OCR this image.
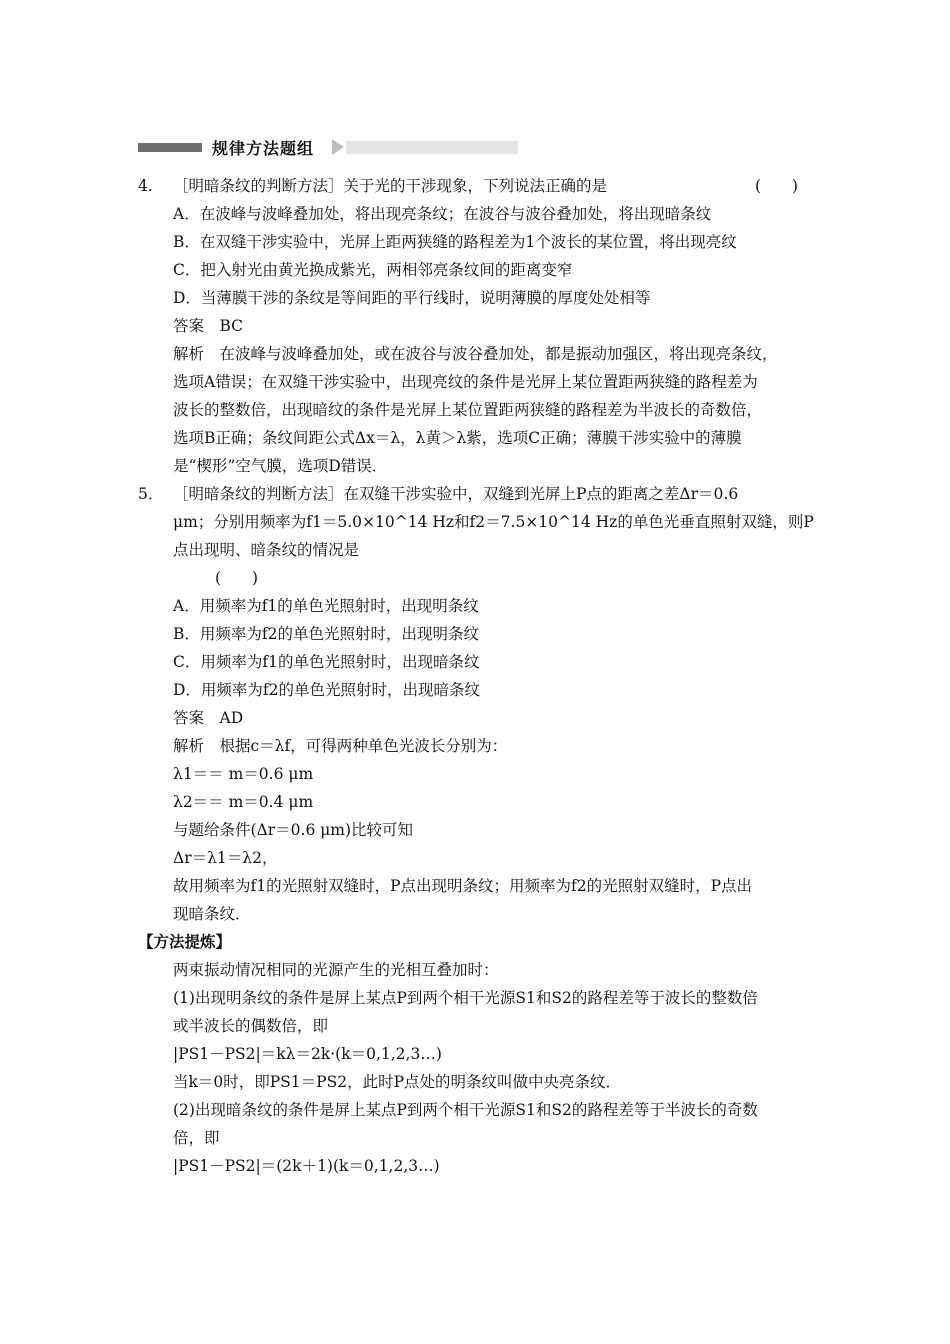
规律方法题组
4. ［明暗条纹的判断方法］关于光的干涉现象，下列说法正确的是	(　　)
A．在波峰与波峰叠加处，将出现亮条纹；在波谷与波谷叠加处，将出现暗条纹
B．在双缝干涉实验中，光屏上距两狭缝的路程差为1个波长的某位置，将出现亮纹
C．把入射光由黄光换成紫光，两相邻亮条纹间的距离变窄
D．当薄膜干涉的条纹是等间距的平行线时，说明薄膜的厚度处处相等
答案　BC
解析　在波峰与波峰叠加处，或在波谷与波谷叠加处，都是振动加强区，将出现亮条纹，
选项A错误；在双缝干涉实验中，出现亮纹的条件是光屏上某位置距两狭缝的路程差为
波长的整数倍，出现暗纹的条件是光屏上某位置距两狭缝的路程差为半波长的奇数倍，
选项B正确；条纹间距公式Δx＝λ，λ黄＞λ紫，选项C正确；薄膜干涉实验中的薄膜
是“楔形”空气膜，选项D错误．
5． ［明暗条纹的判断方法］在双缝干涉实验中，双缝到光屏上P点的距离之差Δr＝0.6
μm；分别用频率为f1＝5.0×10^14 Hz和f2＝7.5×10^14 Hz的单色光垂直照射双缝，则P
点出现明、暗条纹的情况是
(　　)
A．用频率为f1的单色光照射时，出现明条纹
B．用频率为f2的单色光照射时，出现明条纹
C．用频率为f1的单色光照射时，出现暗条纹
D．用频率为f2的单色光照射时，出现暗条纹
答案　AD
解析　根据c＝λf，可得两种单色光波长分别为：
λ1＝＝ m＝0.6 μm
λ2＝＝ m＝0.4 μm
与题给条件(Δr＝0.6 μm)比较可知
Δr＝λ1＝λ2，
故用频率为f1的光照射双缝时，P点出现明条纹；用频率为f2的光照射双缝时，P点出
现暗条纹．
【方法提炼】
两束振动情况相同的光源产生的光相互叠加时：
(1)出现明条纹的条件是屏上某点P到两个相干光源S1和S2的路程差等于波长的整数倍
或半波长的偶数倍，即
|PS1－PS2|＝kλ＝2k·(k＝0,1,2,3…)
当k＝0时，即PS1＝PS2，此时P点处的明条纹叫做中央亮条纹．
(2)出现暗条纹的条件是屏上某点P到两个相干光源S1和S2的路程差等于半波长的奇数
倍，即
|PS1－PS2|＝(2k＋1)(k＝0,1,2,3…)
